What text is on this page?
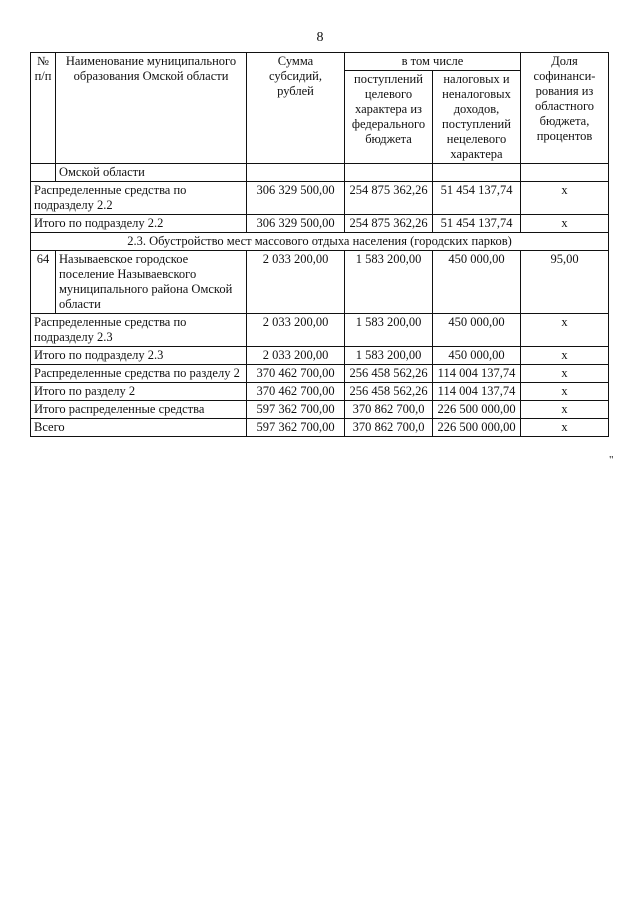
8
№ п/п	Наименование муниципального образования Омской области	Сумма субсидий, рублей	в том числе		Доля софинанси-рования из областного бюджета, процентов
			поступлений целевого характера из федерального бюджета	налоговых и неналоговых доходов, поступлений нецелевого характера	
	Омской области				
Распределенные средства по подразделу 2.2		306 329 500,00	254 875 362,26	51 454 137,74	x
Итого по подразделу 2.2		306 329 500,00	254 875 362,26	51 454 137,74	x
2.3. Обустройство мест массового отдыха населения (городских парков)					
64	Называевское городское поселение Называевского муниципального района Омской области	2 033 200,00	1 583 200,00	450 000,00	95,00
Распределенные средства по подразделу 2.3		2 033 200,00	1 583 200,00	450 000,00	x
Итого по подразделу 2.3		2 033 200,00	1 583 200,00	450 000,00	x
Распределенные средства по разделу 2		370 462 700,00	256 458 562,26	114 004 137,74	x
Итого по разделу 2		370 462 700,00	256 458 562,26	114 004 137,74	x
Итого распределенные средства		597 362 700,00	370 862 700,0	226 500 000,00	x
Всего		597 362 700,00	370 862 700,0	226 500 000,00	x
"
